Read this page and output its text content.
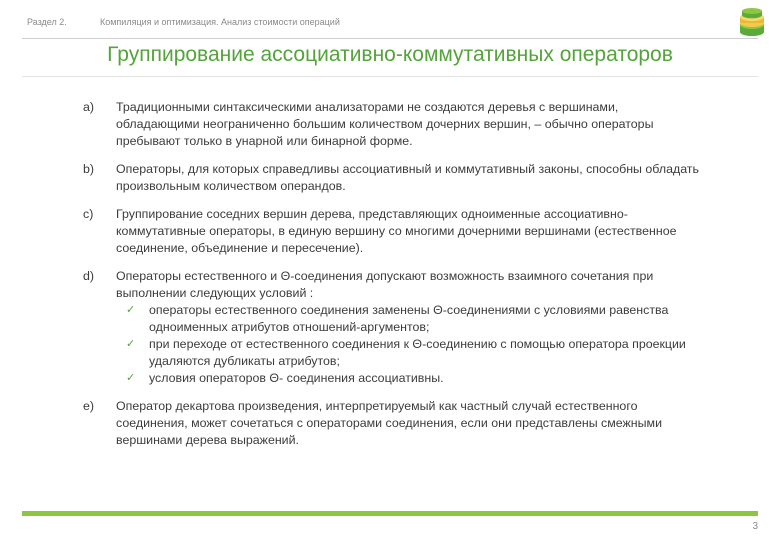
Раздел 2.	Компиляция и оптимизация. Анализ стоимости операций
Группирование ассоциативно-коммутативных операторов
a) Традиционными синтаксическими анализаторами не создаются деревья с вершинами, обладающими неограниченно большим количеством дочерних вершин, – обычно операторы пребывают только в унарной или бинарной форме.
b) Операторы, для которых справедливы ассоциативный и коммутативный законы, способны обладать произвольным количеством операндов.
c) Группирование соседних вершин дерева, представляющих одноименные ассоциативно-коммутативные операторы, в единую вершину со многими дочерними вершинами (естественное соединение, объединение и пересечение).
d) Операторы естественного и Θ-соединения допускают возможность взаимного сочетания при выполнении следующих условий :
✓ операторы естественного соединения заменены Θ-соединениями с условиями равенства одноименных атрибутов отношений-аргументов;
✓ при переходе от естественного соединения к Θ-соединению с помощью оператора проекции удаляются дубликаты атрибутов;
✓ условия операторов Θ- соединения ассоциативны.
e) Оператор декартова произведения, интерпретируемый как частный случай естественного соединения, может сочетаться с операторами соединения, если они представлены смежными вершинами дерева выражений.
3
